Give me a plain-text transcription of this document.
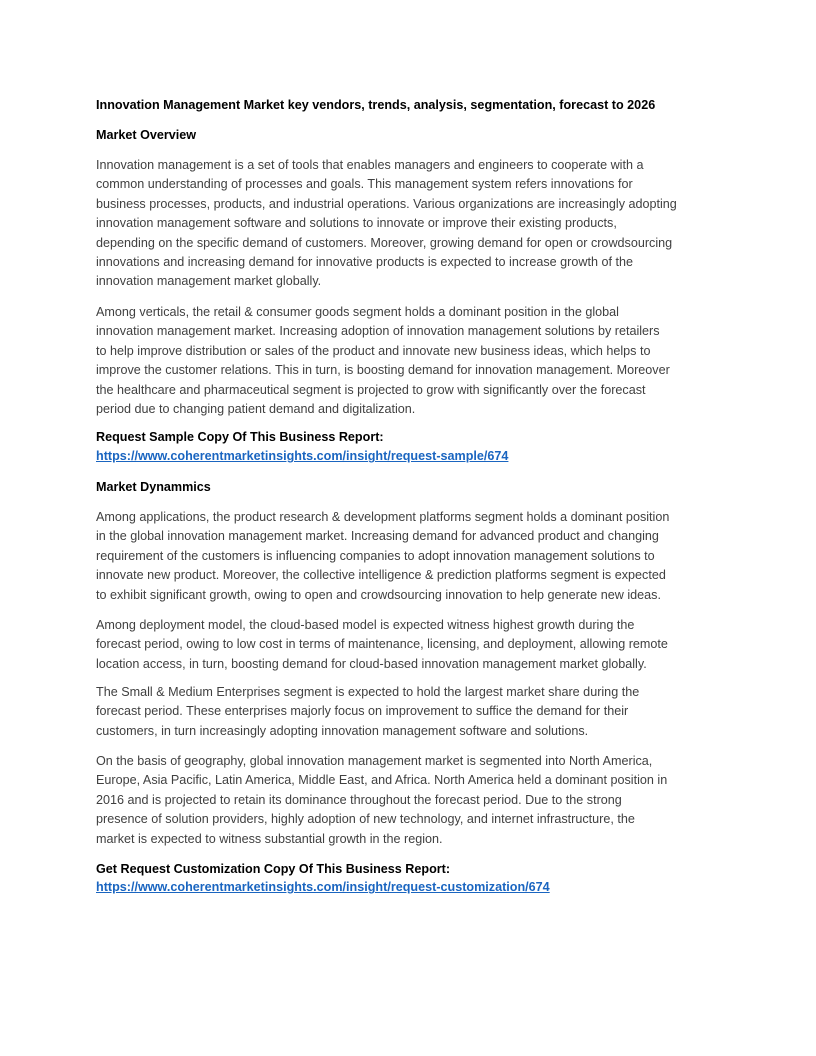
Innovation Management Market key vendors, trends, analysis, segmentation, forecast to 2026
Market Overview
Innovation management is a set of tools that enables managers and engineers to cooperate with a
common understanding of processes and goals. This management system refers innovations for
business processes, products, and industrial operations. Various organizations are increasingly adopting
innovation management software and solutions to innovate or improve their existing products,
depending on the specific demand of customers. Moreover, growing demand for open or crowdsourcing
innovations and increasing demand for innovative products is expected to increase growth of the
innovation management market globally.
Among verticals, the retail & consumer goods segment holds a dominant position in the global
innovation management market. Increasing adoption of innovation management solutions by retailers
to help improve distribution or sales of the product and innovate new business ideas, which helps to
improve the customer relations. This in turn, is boosting demand for innovation management. Moreover
the healthcare and pharmaceutical segment is projected to grow with significantly over the forecast
period due to changing patient demand and digitalization.
Request Sample Copy Of This Business Report:
https://www.coherentmarketinsights.com/insight/request-sample/674
Market Dynammics
Among applications, the product research & development platforms segment holds a dominant position
in the global innovation management market. Increasing demand for advanced product and changing
requirement of the customers is influencing companies to adopt innovation management solutions to
innovate new product. Moreover, the collective intelligence & prediction platforms segment is expected
to exhibit significant growth, owing to open and crowdsourcing innovation to help generate new ideas.
Among deployment model, the cloud-based model is expected witness highest growth during the
forecast period, owing to low cost in terms of maintenance, licensing, and deployment, allowing remote
location access, in turn, boosting demand for cloud-based innovation management market globally.
The Small & Medium Enterprises segment is expected to hold the largest market share during the
forecast period. These enterprises majorly focus on improvement to suffice the demand for their
customers, in turn increasingly adopting innovation management software and solutions.
On the basis of geography, global innovation management market is segmented into North America,
Europe, Asia Pacific, Latin America, Middle East, and Africa. North America held a dominant position in
2016 and is projected to retain its dominance throughout the forecast period. Due to the strong
presence of solution providers, highly adoption of new technology, and internet infrastructure, the
market is expected to witness substantial growth in the region.
Get Request Customization Copy Of This Business Report:
https://www.coherentmarketinsights.com/insight/request-customization/674
